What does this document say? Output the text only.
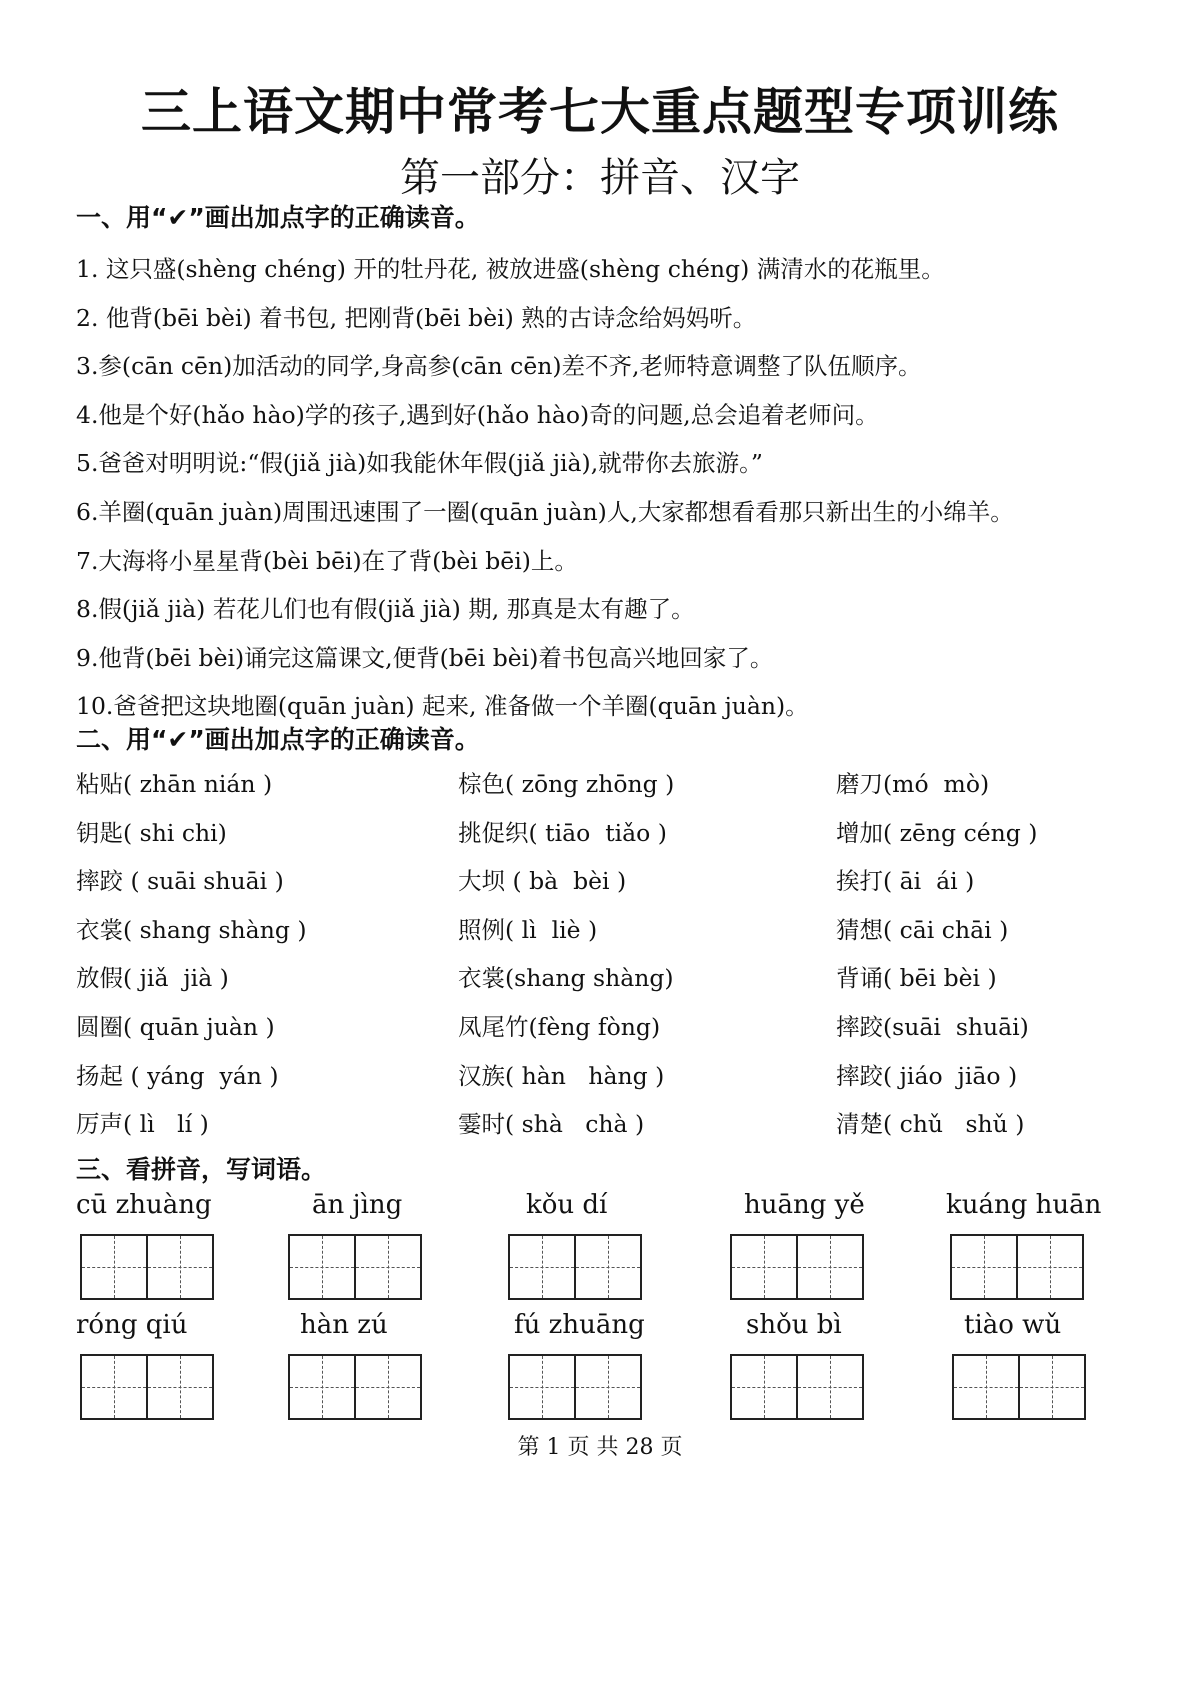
三上语文期中常考七大重点题型专项训练
第一部分：拼音、汉字
一、用“✔”画出加点字的正确读音。
1. 这只盛(shèng chéng) 开的牡丹花, 被放进盛(shèng chéng) 满清水的花瓶里。
2. 他背(bēi bèi) 着书包, 把刚背(bēi bèi) 熟的古诗念给妈妈听。
3.参(cān cēn)加活动的同学,身高参(cān cēn)差不齐,老师特意调整了队伍顺序。
4.他是个好(hǎo hào)学的孩子,遇到好(hǎo hào)奇的问题,总会追着老师问。
5.爸爸对明明说:“假(jiǎ jià)如我能休年假(jiǎ jià),就带你去旅游。”
6.羊圈(quān juàn)周围迅速围了一圈(quān juàn)人,大家都想看看那只新出生的小绵羊。
7.大海将小星星背(bèi bēi)在了背(bèi bēi)上。
8.假(jiǎ jià) 若花儿们也有假(jiǎ jià) 期, 那真是太有趣了。
9.他背(bēi bèi)诵完这篇课文,便背(bēi bèi)着书包高兴地回家了。
10.爸爸把这块地圈(quān juàn) 起来, 准备做一个羊圈(quān juàn)。
二、用“✔”画出加点字的正确读音。
粘贴( zhān nián )	棕色( zōng zhōng )	磨刀(mó  mò)
钥匙( shi chi)	挑促织( tiāo  tiǎo )	增加( zēng céng )
摔跤 ( suāi shuāi )	大坝 ( bà  bèi )	挨打( āi  ái )
衣裳( shang shàng )	照例( lì  liè )	猜想( cāi chāi )
放假( jiǎ  jià )	衣裳(shang shàng)	背诵( bēi bèi )
圆圈( quān juàn )	凤尾竹(fèng fòng)	摔跤(suāi  shuāi)
扬起 ( yáng  yán )	汉族( hàn   hàng )	摔跤( jiáo  jiāo )
厉声( lì   lí )	霎时( shà   chà )	清楚( chǔ   shǔ )
三、看拼音，写词语。
cū zhuàng	ān jìng	kǒu dí	huāng yě	kuáng huān
róng qiú	hàn zú	fú zhuāng	shǒu bì	tiào wǔ
第 1 页 共 28 页
